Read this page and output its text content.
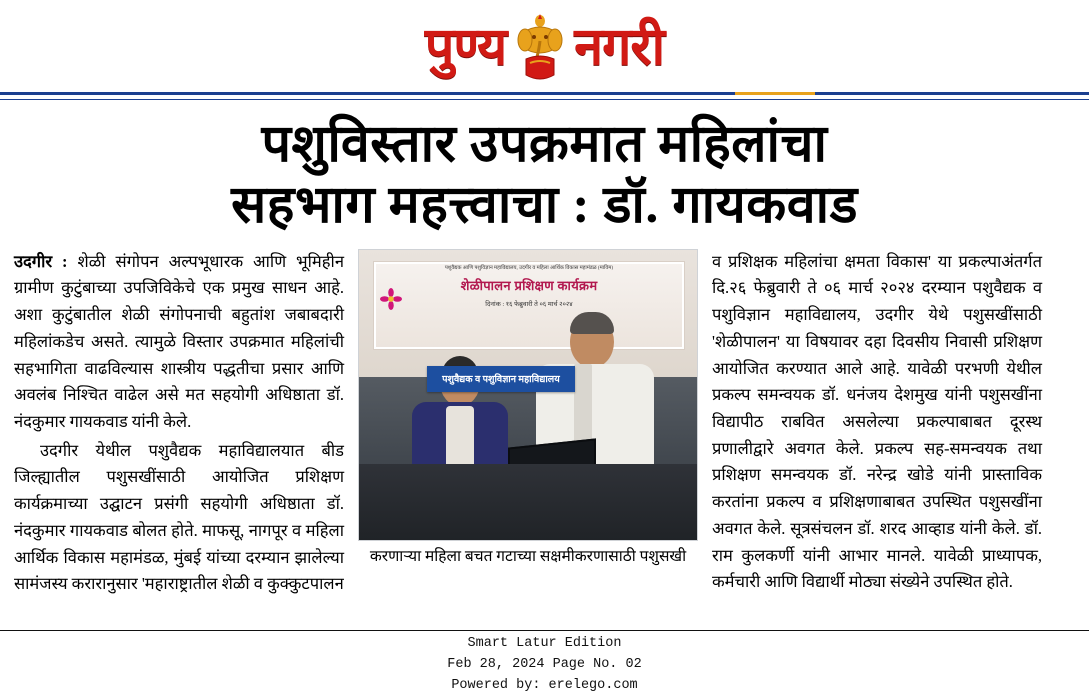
पुण्य नगरी
पशुविस्तार उपक्रमात महिलांचा
सहभाग महत्त्वाचा : डॉ. गायकवाड

उदगीर : शेळी संगोपन अल्पभूधारक आणि भूमिहीन ग्रामीण कुटुंबाच्या उपजिविकेचे एक प्रमुख साधन आहे. अशा कुटुंबातील शेळी संगोपनाची बहुतांश जबाबदारी महिलांकडेच असते. त्यामुळे विस्तार उपक्रमात महिलांची सहभागिता वाढविल्यास शास्त्रीय पद्धतीचा प्रसार आणि अवलंब निश्चित वाढेल असे मत सहयोगी अधिष्ठाता डॉ. नंदकुमार गायकवाड यांनी केले.

उदगीर येथील पशुवैद्यक महाविद्यालयात बीड जिल्ह्यातील पशुसखींसाठी आयोजित प्रशिक्षण कार्यक्रमाच्या उद्घाटन प्रसंगी सहयोगी अधिष्ठाता डॉ. नंदकुमार गायकवाड बोलत होते. माफसू, नागपूर व महिला आर्थिक विकास महामंडळ, मुंबई यांच्या दरम्यान झालेल्या सामंजस्य करारानुसार 'महाराष्ट्रातील शेळी व कुक्कुटपालन

पशुवैद्यक आणि पशुविज्ञान महाविद्यालय, उदगीर व महिला आर्थिक विकास महामंडळ (माविम)
शेळीपालन प्रशिक्षण कार्यक्रम
दिनांक : १६ फेब्रुवारी ते ०६ मार्च २०२४
पशुवैद्यक व पशुविज्ञान महाविद्यालय
करणाऱ्या महिला बचत गटाच्या सक्षमीकरणासाठी पशुसखी

व प्रशिक्षक महिलांचा क्षमता विकास' या प्रकल्पाअंतर्गत दि.२६ फेब्रुवारी ते ०६ मार्च २०२४ दरम्यान पशुवैद्यक व पशुविज्ञान महाविद्यालय, उदगीर येथे पशुसखींसाठी 'शेळीपालन' या विषयावर दहा दिवसीय निवासी प्रशिक्षण आयोजित करण्यात आले आहे. यावेळी परभणी येथील प्रकल्प समन्वयक डॉ. धनंजय देशमुख यांनी पशुसखींना विद्यापीठ राबवित असलेल्या प्रकल्पाबाबत दूरस्थ प्रणालीद्वारे अवगत केले. प्रकल्प सह-समन्वयक तथा प्रशिक्षण समन्वयक डॉ. नरेन्द्र खोडे यांनी प्रास्ताविक करतांना प्रकल्प व प्रशिक्षणाबाबत उपस्थित पशुसखींना अवगत केले. सूत्रसंचलन डॉ. शरद आव्हाड यांनी केले. डॉ. राम कुलकर्णी यांनी आभार मानले. यावेळी प्राध्यापक, कर्मचारी आणि विद्यार्थी मोठ्या संख्येने उपस्थित होते.

Smart Latur Edition
Feb 28, 2024 Page No. 02
Powered by: erelego.com
